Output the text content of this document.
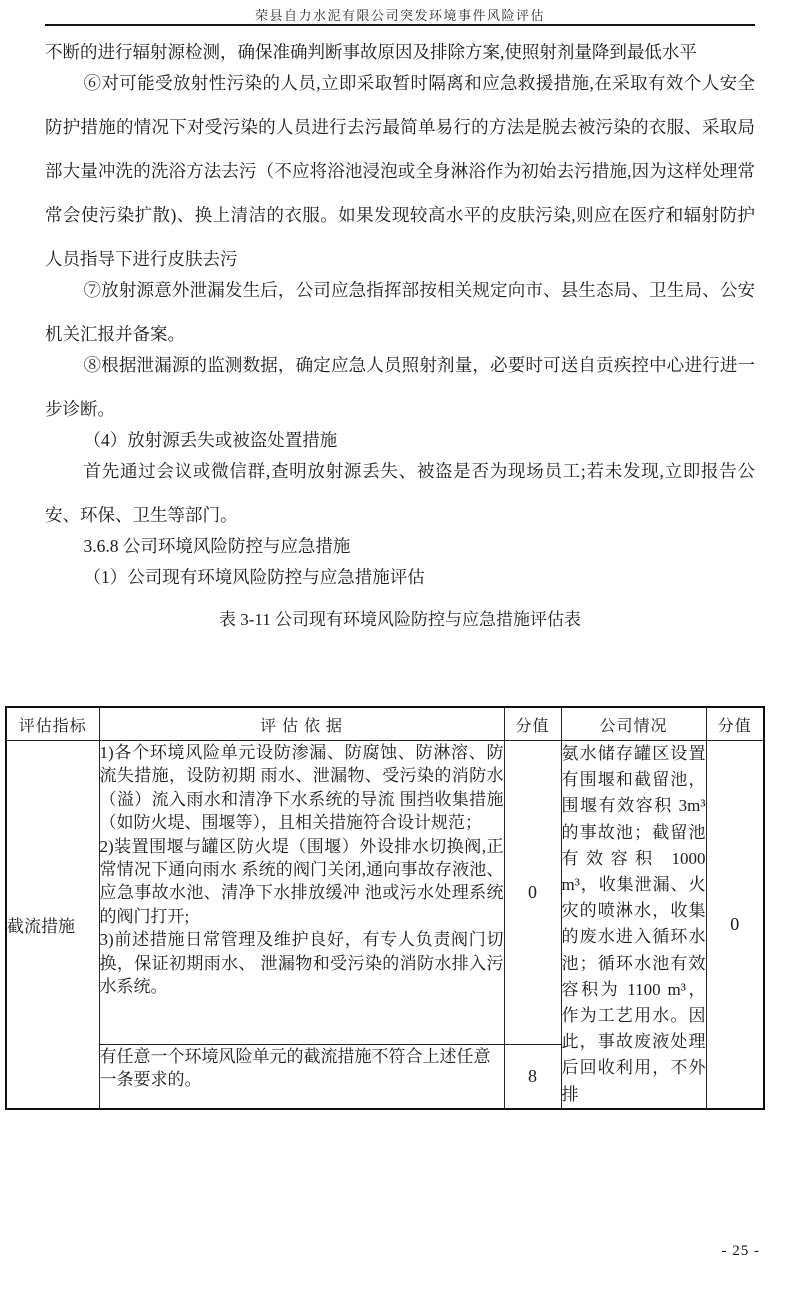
荣县自力水泥有限公司突发环境事件风险评估

不断的进行辐射源检测，确保准确判断事故原因及排除方案,使照射剂量降到最低水平

⑥对可能受放射性污染的人员,立即采取暂时隔离和应急救援措施,在采取有效个人安全防护措施的情况下对受污染的人员进行去污最简单易行的方法是脱去被污染的衣服、采取局部大量冲洗的洗浴方法去污（不应将浴池浸泡或全身淋浴作为初始去污措施,因为这样处理常常会使污染扩散)、换上清洁的衣服。如果发现较高水平的皮肤污染,则应在医疗和辐射防护人员指导下进行皮肤去污

⑦放射源意外泄漏发生后，公司应急指挥部按相关规定向市、县生态局、卫生局、公安机关汇报并备案。

⑧根据泄漏源的监测数据，确定应急人员照射剂量，必要时可送自贡疾控中心进行进一步诊断。

（4）放射源丢失或被盗处置措施

首先通过会议或微信群,查明放射源丢失、被盗是否为现场员工;若未发现,立即报告公安、环保、卫生等部门。

3.6.8 公司环境风险防控与应急措施

（1）公司现有环境风险防控与应急措施评估

表 3-11 公司现有环境风险防控与应急措施评估表

评估指标	评 估 依 据	分值	公司情况	分值
截流措施	1)各个环境风险单元设防渗漏、防腐蚀、防淋溶、防流失措施，设防初期 雨水、泄漏物、受污染的消防水（溢）流入雨水和清净下水系统的导流 围挡收集措施（如防火堤、围堰等），且相关措施符合设计规范；
2)装置围堰与罐区防火堤（围堰）外设排水切换阀,正常情况下通向雨水 系统的阀门关闭,通向事故存液池、应急事故水池、清净下水排放缓冲 池或污水处理系统的阀门打开;
3)前述措施日常管理及维护良好，有专人负责阀门切换，保证初期雨水、 泄漏物和受污染的消防水排入污水系统。	0	氨水储存罐区设置有围堰和截留池，围堰有效容积 3m³ 的事故池；截留池有效容积 1000 m³，收集泄漏、火灾的喷淋水，收集的废水进入循环水池；循环水池有效容积为 1100 m³，作为工艺用水。因此，事故废液处理后回收利用，不外排	0
	有任意一个环境风险单元的截流措施不符合上述任意一条要求的。	8		
- 25 -
